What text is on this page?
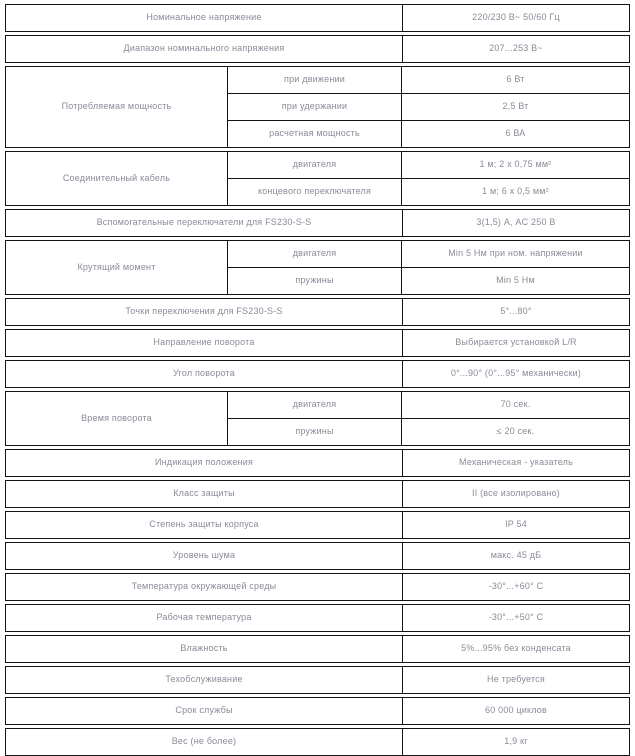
Номинальное напряжение	220/230 В~ 50/60 Гц
Диапазон номинального напряжения	207...253 В~
Потребляемая мощность
при движении	6 Вт
при удержании	2,5 Вт
расчетная мощность	6 ВА
Соединительный кабель
двигателя	1 м; 2 х 0,75 мм²
концевого переключателя	1 м; 6 х 0,5 мм²
Вспомогательные переключатели для FS230-S-S	3(1,5) А, AC 250 В
Крутящий момент
двигателя	Min 5 Нм при ном. напряжении
пружины	Min 5 Нм
Точки переключения для FS230-S-S	5°...80°
Направление поворота	Выбирается установкой L/R
Угол поворота	0°...90° (0°...95° механически)
Время поворота
двигателя	70 сек.
пружины	≤ 20 сек.
Индикация положения	Механическая - указатель
Класс защиты	II (все изолировано)
Степень защиты корпуса	IP 54
Уровень шума	макс. 45 дБ
Температура окружающей среды	-30°...+60° C
Рабочая температура	-30°...+50° C
Влажность	5%...95% без конденсата
Техобслуживание	Не требуется
Срок службы	60 000 циклов
Вес (не более)	1,9 кг
